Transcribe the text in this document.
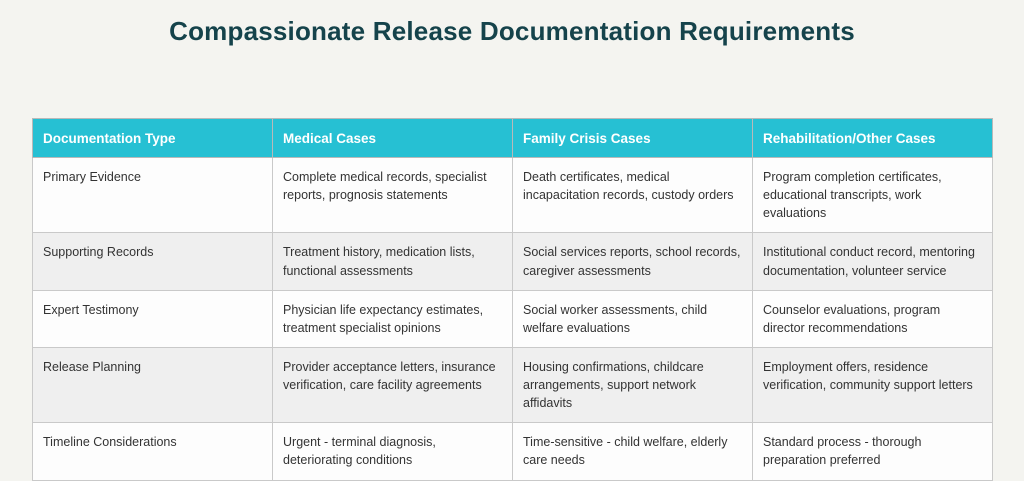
Compassionate Release Documentation Requirements
Documentation Type	Medical Cases	Family Crisis Cases	Rehabilitation/Other Cases
Primary Evidence	Complete medical records, specialist reports, prognosis statements	Death certificates, medical incapacitation records, custody orders	Program completion certificates, educational transcripts, work evaluations
Supporting Records	Treatment history, medication lists, functional assessments	Social services reports, school records, caregiver assessments	Institutional conduct record, mentoring documentation, volunteer service
Expert Testimony	Physician life expectancy estimates, treatment specialist opinions	Social worker assessments, child welfare evaluations	Counselor evaluations, program director recommendations
Release Planning	Provider acceptance letters, insurance verification, care facility agreements	Housing confirmations, childcare arrangements, support network affidavits	Employment offers, residence verification, community support letters
Timeline Considerations	Urgent - terminal diagnosis, deteriorating conditions	Time-sensitive - child welfare, elderly care needs	Standard process - thorough preparation preferred
